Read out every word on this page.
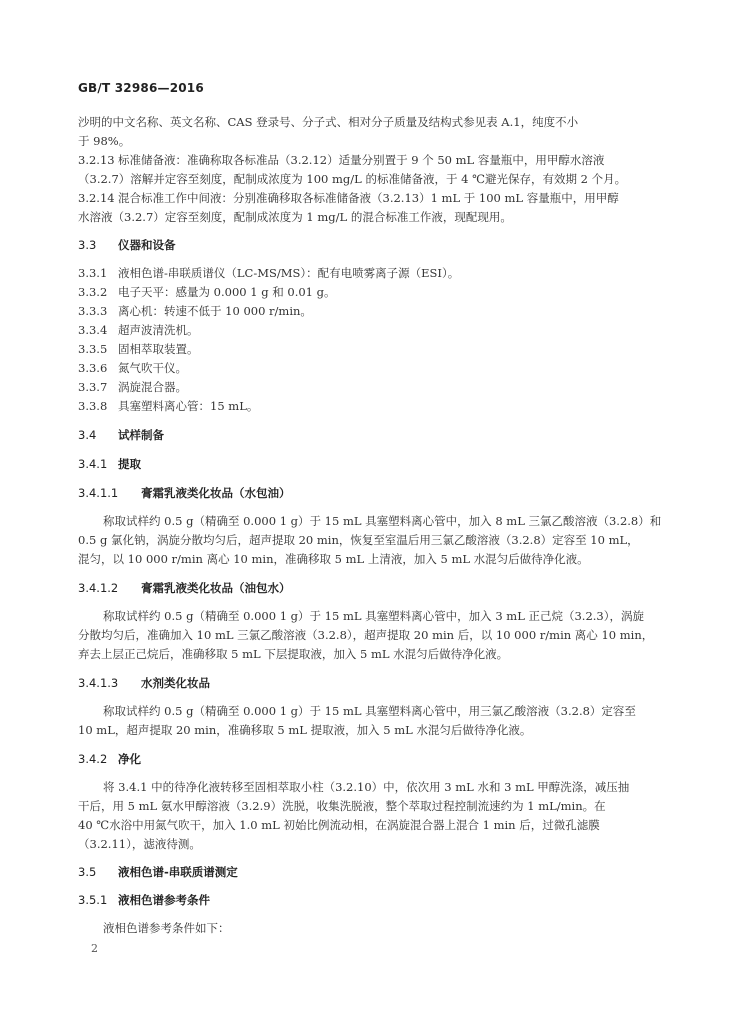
GB/T 32986—2016
沙明的中文名称、英文名称、CAS 登录号、分子式、相对分子质量及结构式参见表 A.1，纯度不小
于 98%。
3.2.13 标准储备液：准确称取各标准品（3.2.12）适量分别置于 9 个 50 mL 容量瓶中，用甲醇水溶液
（3.2.7）溶解并定容至刻度，配制成浓度为 100 mg/L 的标准储备液，于 4 ℃避光保存，有效期 2 个月。
3.2.14 混合标准工作中间液：分别准确移取各标准储备液（3.2.13）1 mL 于 100 mL 容量瓶中，用甲醇
水溶液（3.2.7）定容至刻度，配制成浓度为 1 mg/L 的混合标准工作液，现配现用。
3.3 仪器和设备
3.3.1 液相色谱-串联质谱仪（LC-MS/MS）：配有电喷雾离子源（ESI）。
3.3.2 电子天平：感量为 0.000 1 g 和 0.01 g。
3.3.3 离心机：转速不低于 10 000 r/min。
3.3.4 超声波清洗机。
3.3.5 固相萃取装置。
3.3.6 氮气吹干仪。
3.3.7 涡旋混合器。
3.3.8 具塞塑料离心管：15 mL。
3.4 试样制备
3.4.1 提取
3.4.1.1 膏霜乳液类化妆品（水包油）
称取试样约 0.5 g（精确至 0.000 1 g）于 15 mL 具塞塑料离心管中，加入 8 mL 三氯乙酸溶液（3.2.8）和
0.5 g 氯化钠，涡旋分散均匀后，超声提取 20 min，恢复至室温后用三氯乙酸溶液（3.2.8）定容至 10 mL，
混匀，以 10 000 r/min 离心 10 min，准确移取 5 mL 上清液，加入 5 mL 水混匀后做待净化液。
3.4.1.2 膏霜乳液类化妆品（油包水）
称取试样约 0.5 g（精确至 0.000 1 g）于 15 mL 具塞塑料离心管中，加入 3 mL 正己烷（3.2.3），涡旋
分散均匀后，准确加入 10 mL 三氯乙酸溶液（3.2.8），超声提取 20 min 后，以 10 000 r/min 离心 10 min，
弃去上层正己烷后，准确移取 5 mL 下层提取液，加入 5 mL 水混匀后做待净化液。
3.4.1.3 水剂类化妆品
称取试样约 0.5 g（精确至 0.000 1 g）于 15 mL 具塞塑料离心管中，用三氯乙酸溶液（3.2.8）定容至
10 mL，超声提取 20 min，准确移取 5 mL 提取液，加入 5 mL 水混匀后做待净化液。
3.4.2 净化
将 3.4.1 中的待净化液转移至固相萃取小柱（3.2.10）中，依次用 3 mL 水和 3 mL 甲醇洗涤，减压抽
干后，用 5 mL 氨水甲醇溶液（3.2.9）洗脱，收集洗脱液，整个萃取过程控制流速约为 1 mL/min。在
40 ℃水浴中用氮气吹干，加入 1.0 mL 初始比例流动相，在涡旋混合器上混合 1 min 后，过微孔滤膜
（3.2.11），滤液待测。
3.5 液相色谱-串联质谱测定
3.5.1 液相色谱参考条件
液相色谱参考条件如下：
2
